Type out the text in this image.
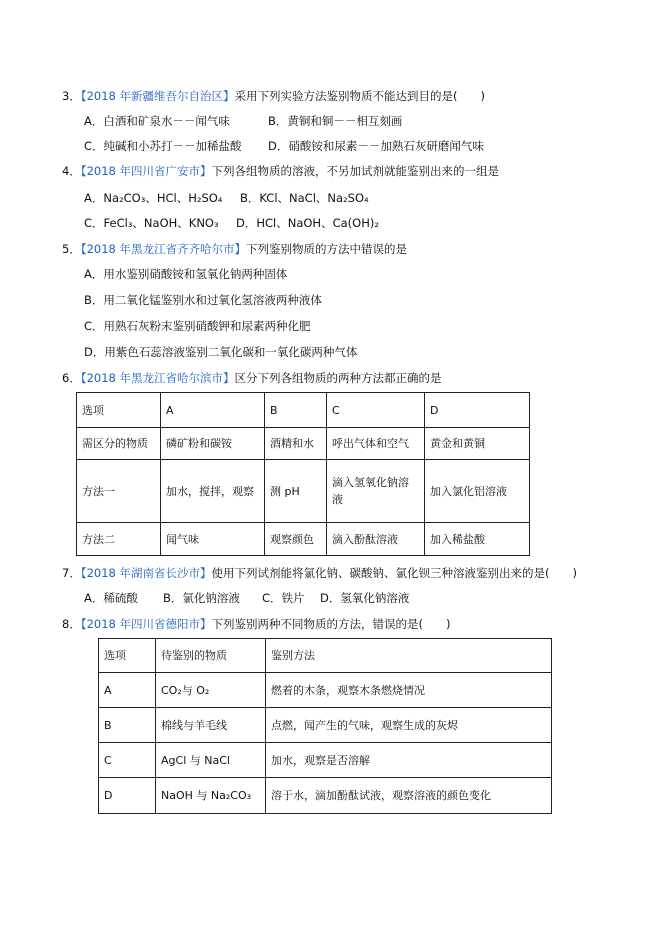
3．【2018 年新疆维吾尔自治区】采用下列实验方法鉴别物质不能达到目的是(　　)
A．白酒和矿泉水－－闻气味	B．黄铜和铜－－相互刻画
C．纯碱和小苏打－－加稀盐酸 D．硝酸铵和尿素－－加熟石灰研磨闻气味
4．【2018 年四川省广安市】下列各组物质的溶液，不另加试剂就能鉴别出来的一组是
A．Na₂CO₃、HCl、H₂SO₄ B．KCl、NaCl、Na₂SO₄
C．FeCl₃、NaOH、KNO₃ D．HCl、NaOH、Ca(OH)₂
5．【2018 年黑龙江省齐齐哈尔市】下列鉴别物质的方法中错误的是
A．用水鉴别硝酸铵和氢氧化钠两种固体
B．用二氧化锰鉴别水和过氧化氢溶液两种液体
C．用熟石灰粉末鉴别硝酸钾和尿素两种化肥
D．用紫色石蕊溶液鉴别二氧化碳和一氧化碳两种气体
6．【2018 年黑龙江省哈尔滨市】区分下列各组物质的两种方法都正确的是
选项	A	B	C	D
需区分的物质	磷矿粉和碳铵	酒精和水	呼出气体和空气	黄金和黄铜
方法一	加水，搅拌，观察	测 pH	滴入氢氧化钠溶液	加入氯化铝溶液
方法二	闻气味	观察颜色	滴入酚酞溶液	加入稀盐酸
7．【2018 年湖南省长沙市】使用下列试剂能将氯化钠、碳酸钠、氯化钡三种溶液鉴别出来的是(　　)
A．稀硫酸 B．氯化钠溶液 C．铁片 D．氢氧化钠溶液
8．【2018 年四川省德阳市】下列鉴别两种不同物质的方法，错误的是(　　)
选项	待鉴别的物质	鉴别方法
A	CO₂与 O₂	燃着的木条，观察木条燃烧情况
B	棉线与羊毛线	点燃，闻产生的气味，观察生成的灰烬
C	AgCl 与 NaCl	加水，观察是否溶解
D	NaOH 与 Na₂CO₃	溶于水，滴加酚酞试液，观察溶液的颜色变化
